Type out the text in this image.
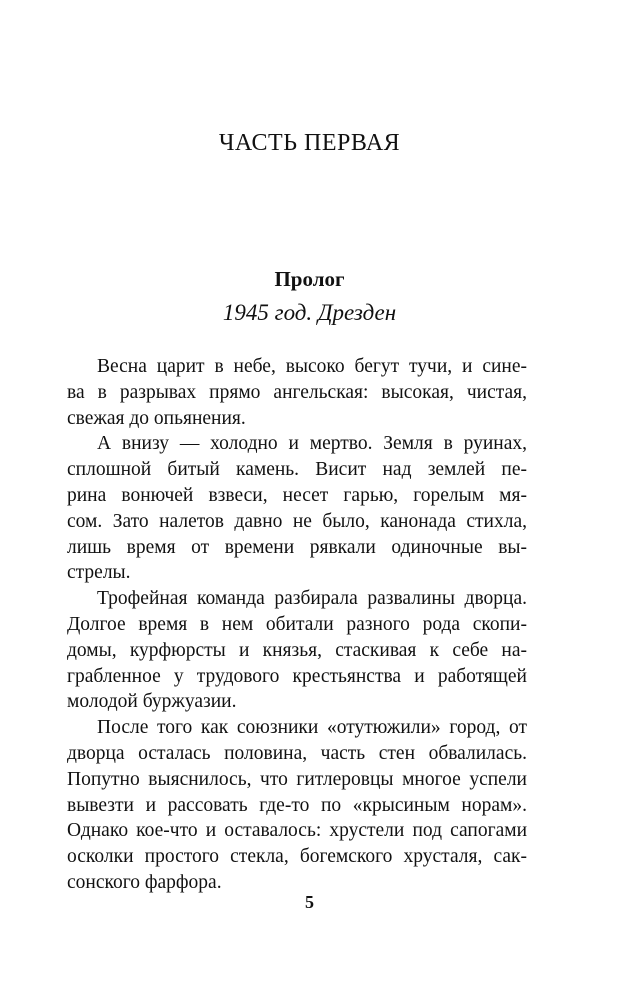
ЧАСТЬ ПЕРВАЯ
Пролог
1945 год. Дрезден

Весна царит в небе, высоко бегут тучи, и сине-
ва в разрывах прямо ангельская: высокая, чистая,
свежая до опьянения.

А внизу — холодно и мертво. Земля в руинах,
сплошной битый камень. Висит над землей пе-
рина вонючей взвеси, несет гарью, горелым мя-
сом. Зато налетов давно не было, канонада стихла,
лишь время от времени рявкали одиночные вы-
стрелы.

Трофейная команда разбирала развалины дворца.
Долгое время в нем обитали разного рода скопи-
домы, курфюрсты и князья, стаскивая к себе на-
грабленное у трудового крестьянства и работящей
молодой буржуазии.

После того как союзники «отутюжили» город, от
дворца осталась половина, часть стен обвалилась.
Попутно выяснилось, что гитлеровцы многое успели
вывезти и рассовать где-то по «крысиным норам».
Однако кое-что и оставалось: хрустели под сапогами
осколки простого стекла, богемского хрусталя, сак-
сонского фарфора.

5
